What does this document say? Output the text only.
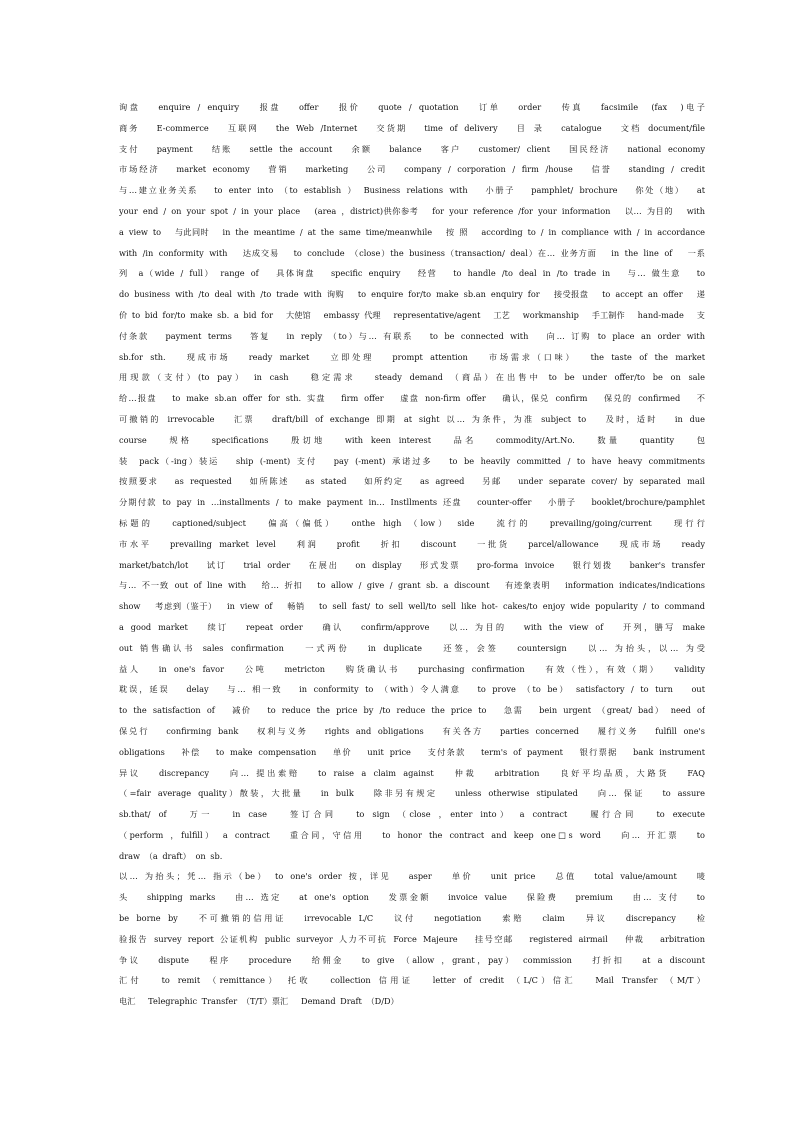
询盘　 enquire / enquiry　 报盘　 offer　 报价　 quote / quotation　 订单　 order　 传真　 facsimile　(fax　)电子
商务　 E-commerce　 互联网　 the Web /Internet　 交货期　 time of delivery　 目 录　 catalogue　 文档 document/file
支付　 payment　 结账　 settle the account　 余额　 balance　 客户　 customer/ client　 国民经济　 national economy
市场经济　 market economy　 营销　 marketing　 公司　 company / corporation / firm /house　 信誉　 standing / credit
与…建立业务关系　 to enter into （to establish ） Business relations with　 小册子　 pamphlet/ brochure　 你处（地）　 at
your end / on your spot / in your place　 (area ，district)供你参考　 for your reference /for your information　 以… 为目的　 with
a view to　 与此同时　 in the meantime / at the same time/meanwhile　 按 照　 according to / in compliance with / in accordance
with /in conformity with　 达成交易　 to conclude （close）the business（transaction/ deal）在… 业务方面　 in the line of　 一系
列　a（wide / full） range of　 具体询盘　 specific enquiry　 经营　 to handle /to deal in /to trade in　 与… 做生意　 to
do business with /to deal with /to trade with 询购　 to enquire for/to make sb.an enquiry for　 接受报盘　 to accept an offer　 递
价 to bid for/to make sb. a bid for　 大使馆　 embassy 代理　 representative/agent　 工艺　 workmanship　 手工制作　 hand-made　 支
付条款　 payment terms　 答复　 in reply （to）与… 有联系　 to be connected with　 向… 订购 to place an order with
sb.for sth.　 现成市场　 ready market　 立即处理　 prompt attention　 市场需求（口味）　 the taste of the market
用现款（支付）(to pay） in cash　 稳定需求　 steady demand （商品）在出售中 to be under offer/to be on sale
给…报盘　 to make sb.an offer for sth. 实盘　 firm offer　 虚盘 non-firm offer　 确认，保兑 confirm　 保兑的 confirmed　 不
可撤销的 irrevocable　 汇票　 draft/bill of exchange 即期 at sight 以… 为条件，为准 subject to　 及时，适时　 in due
course　 规格　 specifications　 殷切地　 with keen interest　 品名　 commodity/Art.No.　 数量　 quantity　 包
装　pack（-ing）装运　 ship (-ment) 支付　 pay (-ment) 承诺过多　 to be heavily committed / to have heavy commitments
按照要求　 as requested　 如所陈述　 as stated　 如所约定　 as agreed　 另邮　 under separate cover/ by separated mail
分期付款 to pay in …installments / to make payment in… Instllments 还盘　 counter-offer　 小册子　 booklet/brochure/pamphlet
标题的　 captioned/subject　 偏高（偏低）　 onthe high （low） side　 流行的　 prevailing/going/current　 现行行
市水平　 prevailing market level　 利润　 profit　 折扣　 discount　 一批货　 parcel/allowance　 现成市场　 ready
market/batch/lot　 试订　 trial order　 在展出　 on display　 形式发票　 pro-forma invoice　 银行划拨　 banker's transfer
与… 不一致 out of line with　 给… 折扣　 to allow / give / grant sb. a discount　 有迹象表明　 information indicates/indications
show　 考虑到（鉴于）　 in view of　 畅销　 to sell fast/ to sell well/to sell like hot- cakes/to enjoy wide popularity / to command
a good market　 续订　 repeat order　 确认　 confirm/approve　 以… 为目的　 with the view of　 开列，膳写 make
out 销售确认书 sales confirmation　 一式两份　 in duplicate　 还签，会签　 countersign　 以… 为抬头，以… 为受
益人　 in one's favor　 公吨　 metricton　 购货确认书　 purchasing confirmation　 有效（性），有效（期）　 validity
耽误，延误　 delay　 与… 相一致　 in conformity to （with）令人满意　 to prove （to be） satisfactory / to turn　 out
to the satisfaction of　 减价　 to reduce the price by /to reduce the price to　 急需　 bein urgent （great/ bad） need of
保兑行　 confirming bank　 权利与义务　 rights and obligations　 有关各方　 parties concerned　 履行义务　 fulfill one's
obligations　 补偿　 to make compensation　 单价　 unit price　 支付条款　 term's of payment　 银行票据　 bank instrument
异议　 discrepancy　 向… 提出索赔　 to raise a claim against　 仲裁　 arbitration　 良好平均品质，大路货　 FAQ
（=fair average quality）散装，大批量　 in bulk　 除非另有规定　 unless otherwise stipulated　 向… 保证　 to assure
sb.that/ of　 万一　 in case　 签订合同　 to sign （close ，enter into） a contract　 履行合同　 to execute
（perform ，fulfill） a contract　 重合同，守信用　 to honor the contract and keep one□s word　 向… 开汇票　 to
draw （a draft） on sb.
以… 为抬头；凭… 指示（be） to one's order 按，详见　 asper　 单价　 unit price　 总值　 total value/amount　 唛
头　 shipping marks　 由… 选定　 at one's option　 发票金额　 invoice value　 保险费　 premium　 由… 支付　 to
be borne by　 不可撤销的信用证　 irrevocable L/C　 议付　 negotiation　 索赔　 claim　 异议　 discrepancy　 检
验报告 survey report 公证机构 public surveyor 人力不可抗 Force Majeure　 挂号空邮　 registered airmail　 仲裁　 arbitration
争议　 dispute　 程序　 procedure　 给佣金　 to give （allow ，grant，pay） commission　 打折扣　 at a discount
汇付　 to remit （remittance） 托收　 collection 信用证　 letter of credit （L/C）信汇　 Mail Transfer （M/T）
电汇　 Telegraphic Transfer （T/T）票汇　 Demand Draft （D/D）
